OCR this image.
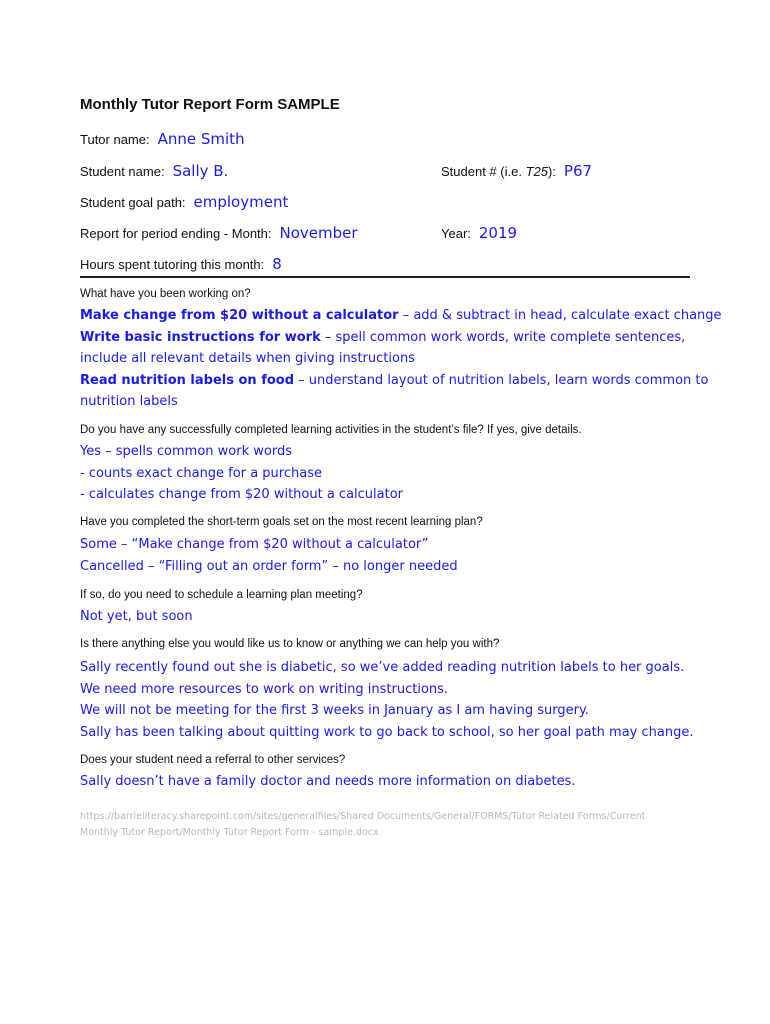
Monthly Tutor Report Form SAMPLE
Tutor name: Anne Smith
Student name: Sally B.	Student # (i.e. T25): P67
Student goal path: employment
Report for period ending - Month: November	Year: 2019
Hours spent tutoring this month: 8
What have you been working on?
Make change from $20 without a calculator – add & subtract in head, calculate exact change
Write basic instructions for work – spell common work words, write complete sentences,
include all relevant details when giving instructions
Read nutrition labels on food – understand layout of nutrition labels, learn words common to
nutrition labels
Do you have any successfully completed learning activities in the student’s file? If yes, give details.
Yes – spells common work words
- counts exact change for a purchase
- calculates change from $20 without a calculator
Have you completed the short-term goals set on the most recent learning plan?
Some – “Make change from $20 without a calculator”
Cancelled – “Filling out an order form” – no longer needed
If so, do you need to schedule a learning plan meeting?
Not yet, but soon
Is there anything else you would like us to know or anything we can help you with?
Sally recently found out she is diabetic, so we’ve added reading nutrition labels to her goals.
We need more resources to work on writing instructions.
We will not be meeting for the first 3 weeks in January as I am having surgery.
Sally has been talking about quitting work to go back to school, so her goal path may change.
Does your student need a referral to other services?
Sally doesn’t have a family doctor and needs more information on diabetes.
https://barrieliteracy.sharepoint.com/sites/generalfiles/Shared Documents/General/FORMS/Tutor Related Forms/Current
Monthly Tutor Report/Monthly Tutor Report Form - sample.docx
